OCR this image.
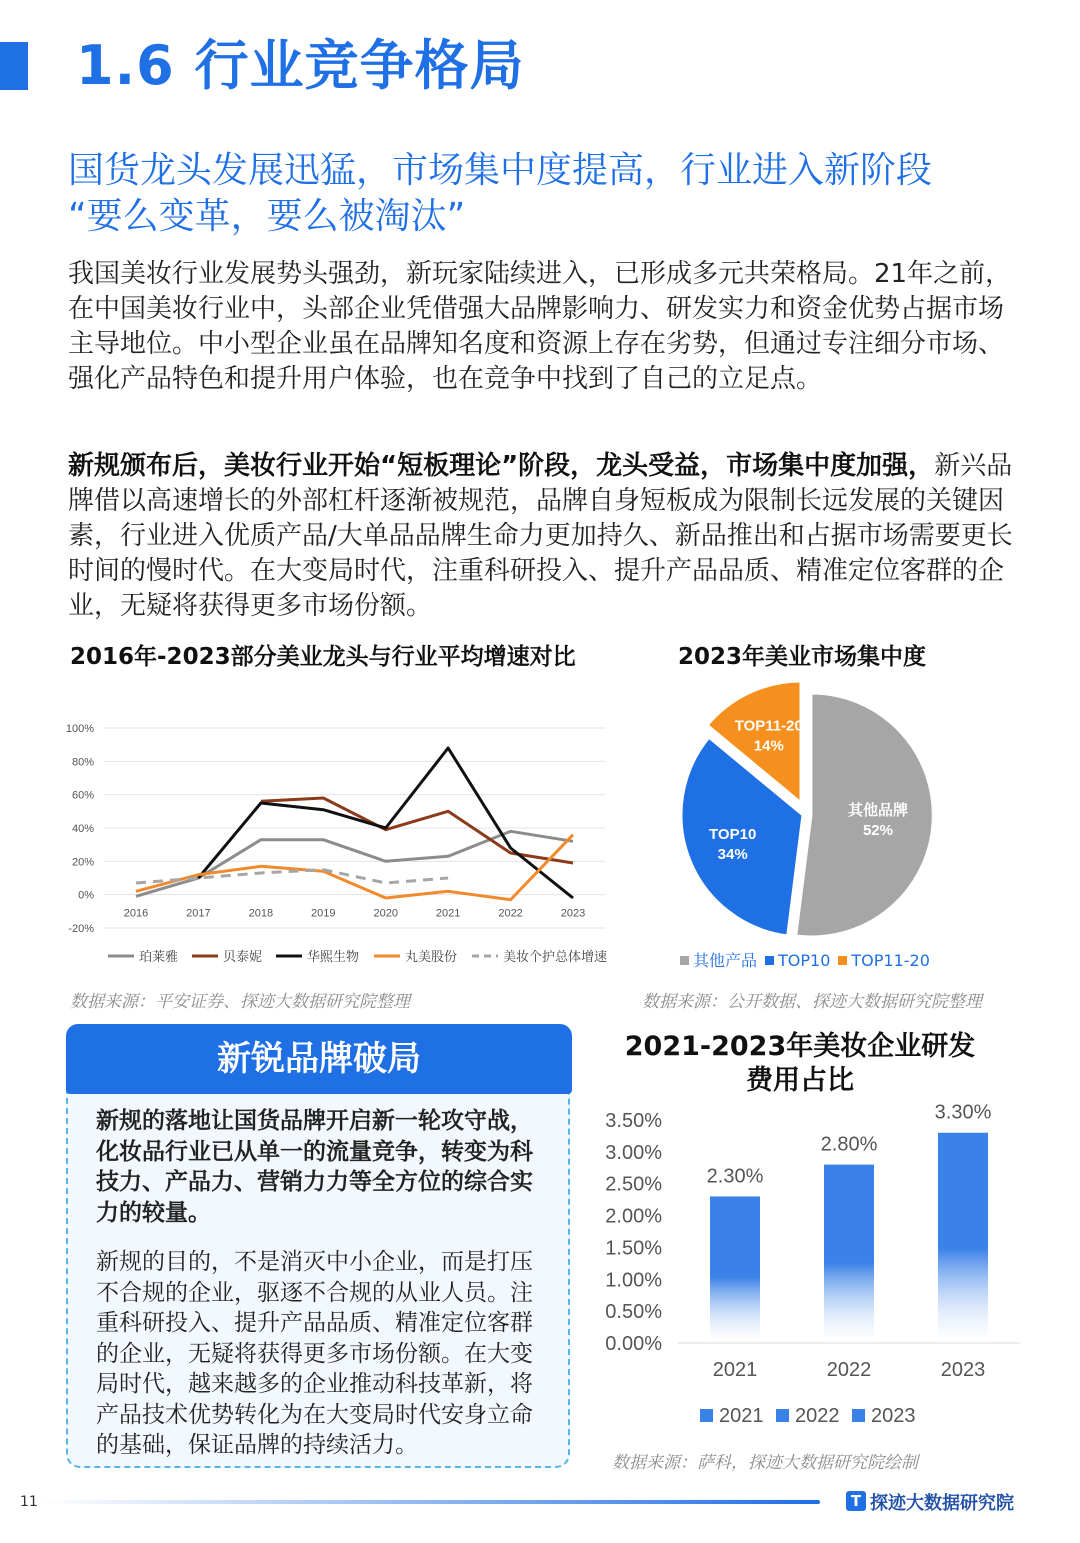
1.6 行业竞争格局
国货龙头发展迅猛，市场集中度提高，行业进入新阶段
“要么变革，要么被淘汰”

我国美妆行业发展势头强劲，新玩家陆续进入，已形成多元共荣格局。21年之前，在中国美妆行业中，头部企业凭借强大品牌影响力、研发实力和资金优势占据市场主导地位。中小型企业虽在品牌知名度和资源上存在劣势，但通过专注细分市场、强化产品特色和提升用户体验，也在竞争中找到了自己的立足点。

新规颁布后，美妆行业开始“短板理论”阶段，龙头受益，市场集中度加强，新兴品牌借以高速增长的外部杠杆逐渐被规范，品牌自身短板成为限制长远发展的关键因素，行业进入优质产品/大单品品牌生命力更加持久、新品推出和占据市场需要更长时间的慢时代。在大变局时代，注重科研投入、提升产品品质、精准定位客群的企业，无疑将获得更多市场份额。

2016年-2023部分美业龙头与行业平均增速对比
100%
80%
60%
40%
20%
0%
-20%
2016	2017	2018	2019	2020	2021	2022	2023
珀莱雅	贝泰妮	华熙生物	丸美股份	美妆个护总体增速
数据来源：平安证券、探迹大数据研究院整理
2023年美业市场集中度
其他品牌
52%
TOP10
34%
TOP11-20
14%
数据来源：公开数据、探迹大数据研究院整理
新锐品牌破局

新规的落地让国货品牌开启新一轮攻守战，化妆品行业已从单一的流量竞争，转变为科技力、产品力、营销力力等全方位的综合实力的较量。

新规的目的，不是消灭中小企业，而是打压不合规的企业，驱逐不合规的从业人员。注重科研投入、提升产品品质、精准定位客群的企业，无疑将获得更多市场份额。在大变局时代，越来越多的企业推动科技革新，将产品技术优势转化为在大变局时代安身立命的基础，保证品牌的持续活力。

2021-2023年美妆企业研发
费用占比
3.50%
3.00%
2.50%
2.00%
1.50%
1.00%
0.50%
0.00%
2.30%
2021
2.80%
2022
3.30%
2023
2021 2022 2023
数据来源：萨科，探迹大数据研究院绘制
11	T 探迹大数据研究院
其他产品 TOP10 TOP11-20
